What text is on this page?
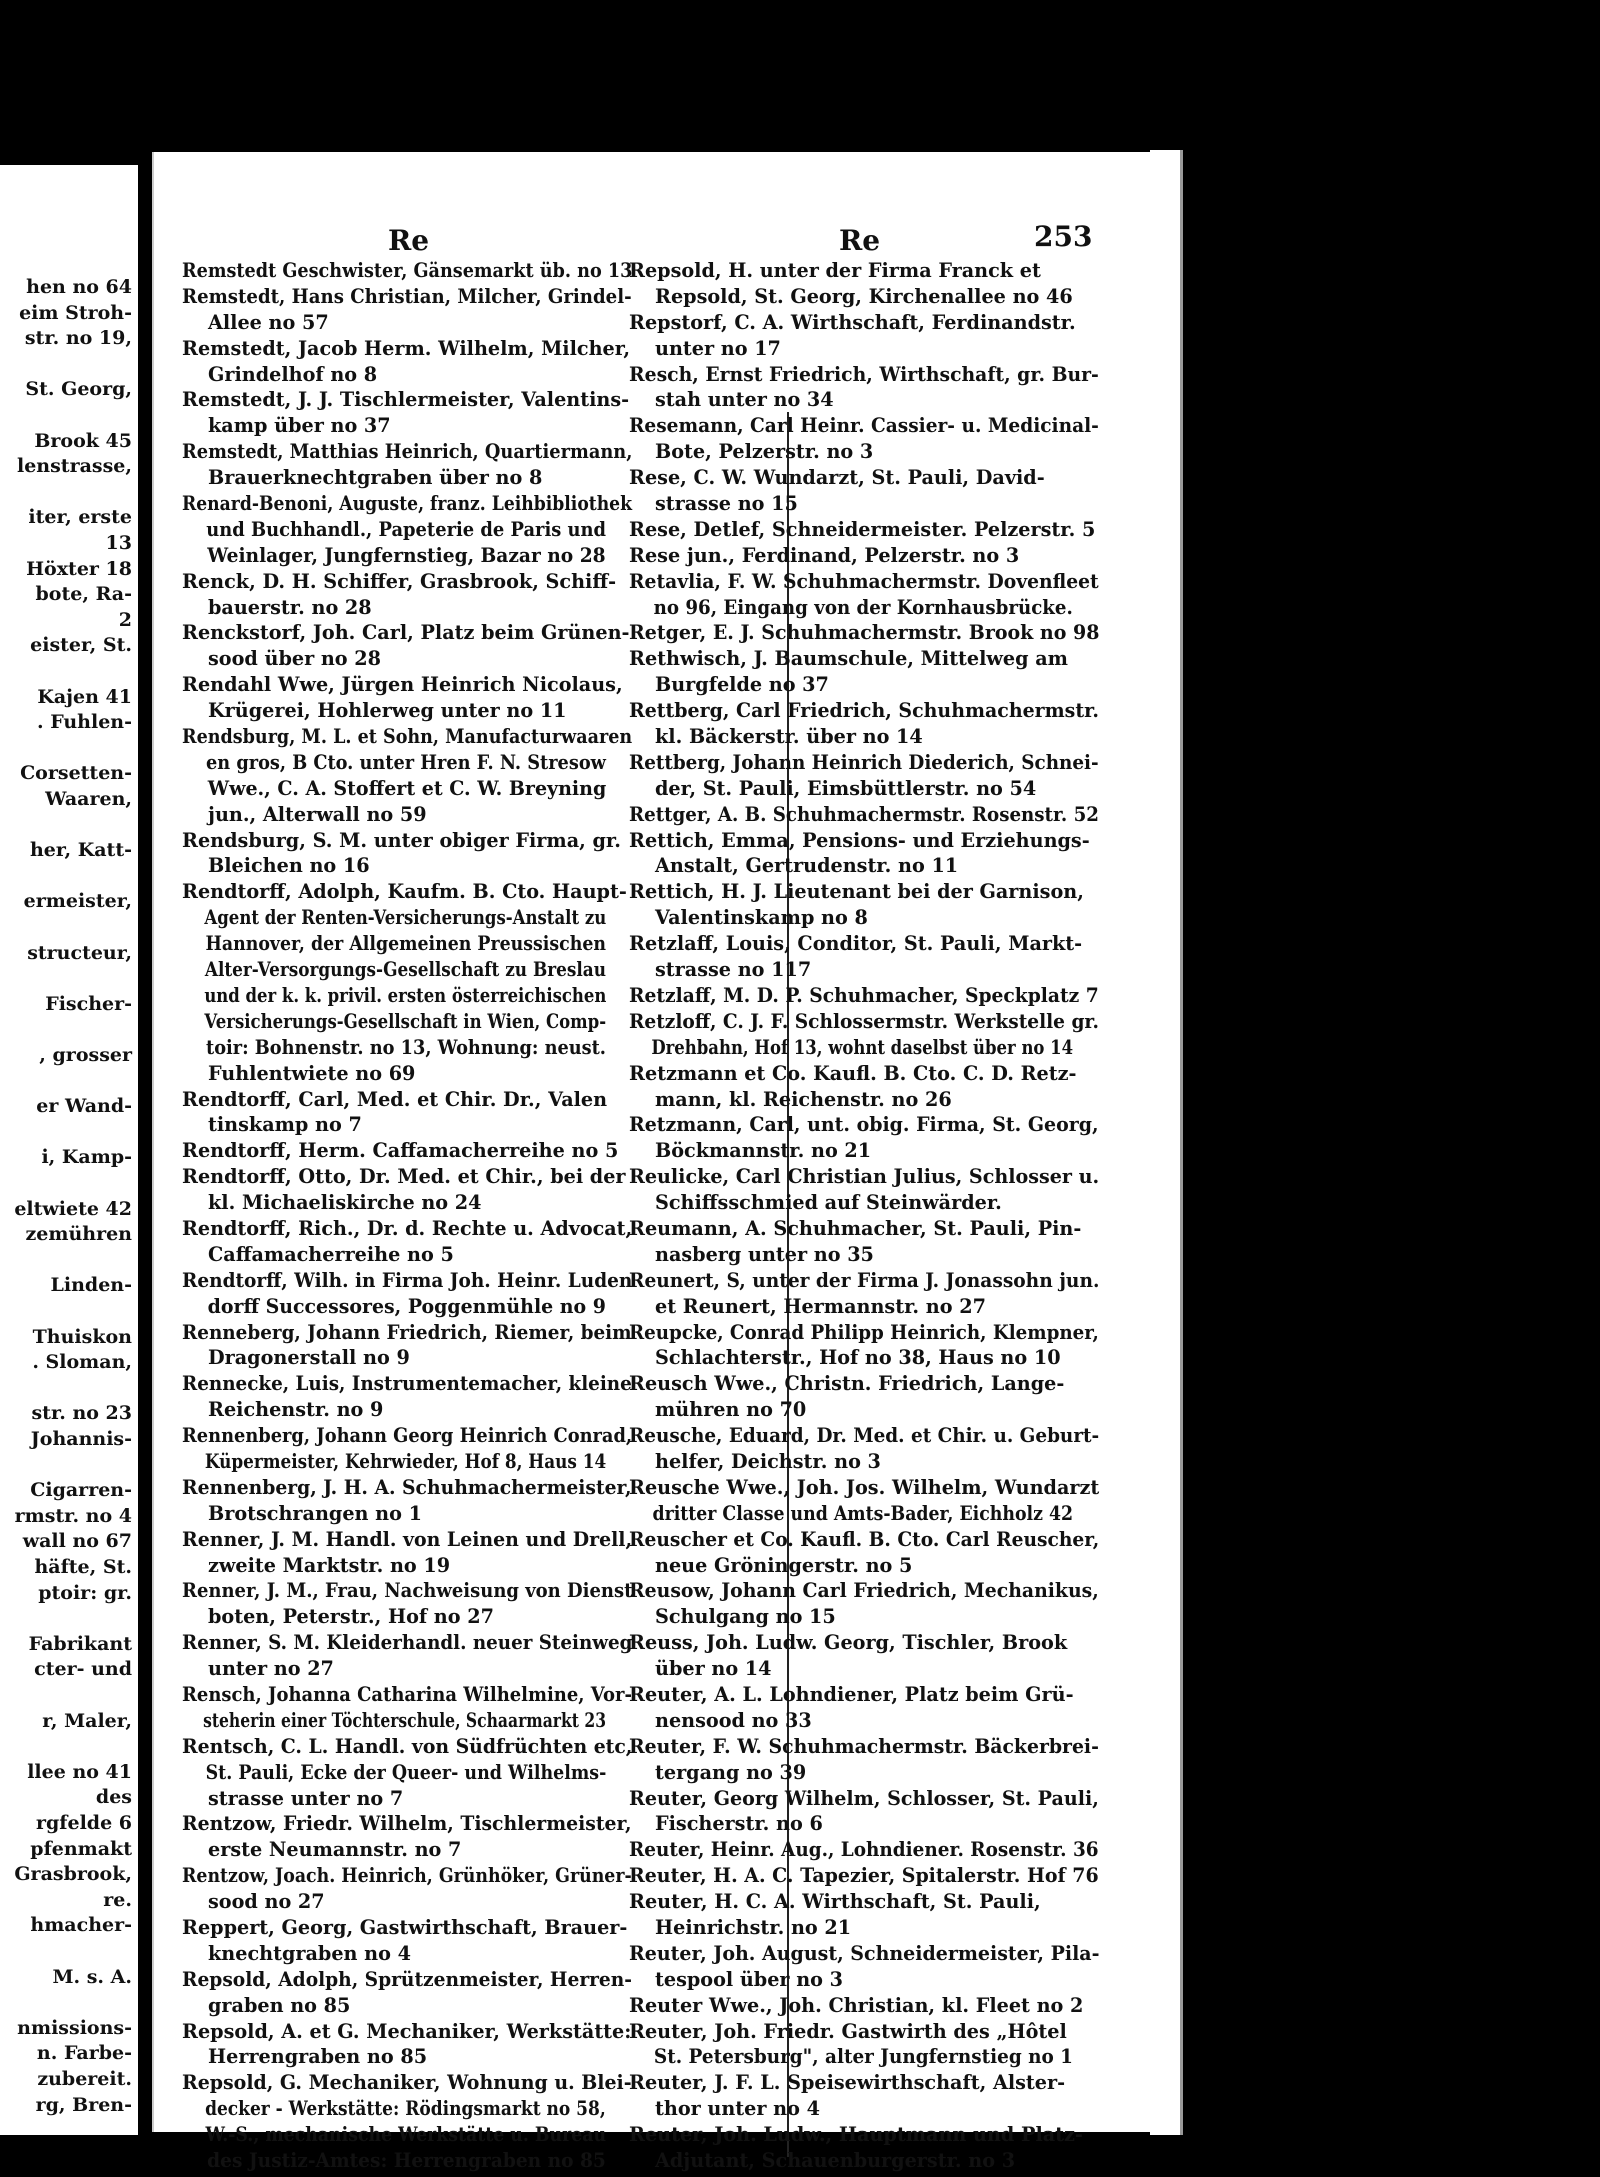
hen no 64
eim Stroh-
str. no 19,
St. Georg,
Brook 45
lenstrasse,
iter, erste
13
Höxter 18
bote, Ra-
2
eister, St.
Kajen 41
. Fuhlen-
Corsetten-
Waaren,
her, Katt-
ermeister,
structeur,
Fischer-
, grosser
er Wand-
i, Kamp-
eltwiete 42
zemühren
Linden-
Thuiskon
. Sloman,
str. no 23
Johannis-
Cigarren-
rmstr. no 4
wall no 67
häfte, St.
ptoir: gr.
Fabrikant
cter- und
r, Maler,
llee no 41
des
rgfelde 6
pfenmakt
Grasbrook,
re.
hmacher-
M. s. A.
nmissions-
n. Farbe-
zubereit.
rg, Bren-
Re	Re	253
Remstedt Geschwister, Gänsemarkt üb. no 13
Remstedt, Hans Christian, Milcher, Grindel-
Allee no 57
Remstedt, Jacob Herm. Wilhelm, Milcher,
Grindelhof no 8
Remstedt, J. J. Tischlermeister, Valentins-
kamp über no 37
Remstedt, Matthias Heinrich, Quartiermann,
Brauerknechtgraben über no 8
Renard-Benoni, Auguste, franz. Leihbibliothek
und Buchhandl., Papeterie de Paris und
Weinlager, Jungfernstieg, Bazar no 28
Renck, D. H. Schiffer, Grasbrook, Schiff-
bauerstr. no 28
Renckstorf, Joh. Carl, Platz beim Grünen-
sood über no 28
Rendahl Wwe, Jürgen Heinrich Nicolaus,
Krügerei, Hohlerweg unter no 11
Rendsburg, M. L. et Sohn, Manufacturwaaren
en gros, B Cto. unter Hren F. N. Stresow
Wwe., C. A. Stoffert et C. W. Breyning
jun., Alterwall no 59
Rendsburg, S. M. unter obiger Firma, gr.
Bleichen no 16
Rendtorff, Adolph, Kaufm. B. Cto. Haupt-
Agent der Renten-Versicherungs-Anstalt zu
Hannover, der Allgemeinen Preussischen
Alter-Versorgungs-Gesellschaft zu Breslau
und der k. k. privil. ersten österreichischen
Versicherungs-Gesellschaft in Wien, Comp-
toir: Bohnenstr. no 13, Wohnung: neust.
Fuhlentwiete no 69
Rendtorff, Carl, Med. et Chir. Dr., Valen
tinskamp no 7
Rendtorff, Herm. Caffamacherreihe no 5
Rendtorff, Otto, Dr. Med. et Chir., bei der
kl. Michaeliskirche no 24
Rendtorff, Rich., Dr. d. Rechte u. Advocat,
Caffamacherreihe no 5
Rendtorff, Wilh. in Firma Joh. Heinr. Luden
dorff Successores, Poggenmühle no 9
Renneberg, Johann Friedrich, Riemer, beim
Dragonerstall no 9
Rennecke, Luis, Instrumentemacher, kleine
Reichenstr. no 9
Rennenberg, Johann Georg Heinrich Conrad,
Küpermeister, Kehrwieder, Hof 8, Haus 14
Rennenberg, J. H. A. Schuhmachermeister,
Brotschrangen no 1
Renner, J. M. Handl. von Leinen und Drell,
zweite Marktstr. no 19
Renner, J. M., Frau, Nachweisung von Dienst
boten, Peterstr., Hof no 27
Renner, S. M. Kleiderhandl. neuer Steinweg
unter no 27
Rensch, Johanna Catharina Wilhelmine, Vor-
steherin einer Töchterschule, Schaarmarkt 23
Rentsch, C. L. Handl. von Südfrüchten etc,
St. Pauli, Ecke der Queer- und Wilhelms-
strasse unter no 7
Rentzow, Friedr. Wilhelm, Tischlermeister,
erste Neumannstr. no 7
Rentzow, Joach. Heinrich, Grünhöker, Grüner-
sood no 27
Reppert, Georg, Gastwirthschaft, Brauer-
knechtgraben no 4
Repsold, Adolph, Sprützenmeister, Herren-
graben no 85
Repsold, A. et G. Mechaniker, Werkstätte:
Herrengraben no 85
Repsold, G. Mechaniker, Wohnung u. Blei-
decker - Werkstätte: Rödingsmarkt no 58,
W.-S., mechanische Werkstätte u. Bureau
des Justiz-Amtes: Herrengraben no 85
Repsold, H. unter der Firma Franck et
Repsold, St. Georg, Kirchenallee no 46
Repstorf, C. A. Wirthschaft, Ferdinandstr.
unter no 17
Resch, Ernst Friedrich, Wirthschaft, gr. Bur-
stah unter no 34
Resemann, Carl Heinr. Cassier- u. Medicinal-
Bote, Pelzerstr. no 3
Rese, C. W. Wundarzt, St. Pauli, David-
strasse no 15
Rese, Detlef, Schneidermeister. Pelzerstr. 5
Rese jun., Ferdinand, Pelzerstr. no 3
Retavlia, F. W. Schuhmachermstr. Dovenfleet
no 96, Eingang von der Kornhausbrücke.
Retger, E. J. Schuhmachermstr. Brook no 98
Rethwisch, J. Baumschule, Mittelweg am
Burgfelde no 37
Rettberg, Carl Friedrich, Schuhmachermstr.
kl. Bäckerstr. über no 14
Rettberg, Johann Heinrich Diederich, Schnei-
der, St. Pauli, Eimsbüttlerstr. no 54
Rettger, A. B. Schuhmachermstr. Rosenstr. 52
Rettich, Emma, Pensions- und Erziehungs-
Anstalt, Gertrudenstr. no 11
Rettich, H. J. Lieutenant bei der Garnison,
Valentinskamp no 8
Retzlaff, Louis, Conditor, St. Pauli, Markt-
strasse no 117
Retzlaff, M. D. P. Schuhmacher, Speckplatz 7
Retzloff, C. J. F. Schlossermstr. Werkstelle gr.
Drehbahn, Hof 13, wohnt daselbst über no 14
Retzmann et Co. Kaufl. B. Cto. C. D. Retz-
mann, kl. Reichenstr. no 26
Retzmann, Carl, unt. obig. Firma, St. Georg,
Böckmannstr. no 21
Reulicke, Carl Christian Julius, Schlosser u.
Schiffsschmied auf Steinwärder.
Reumann, A. Schuhmacher, St. Pauli, Pin-
nasberg unter no 35
Reunert, S, unter der Firma J. Jonassohn jun.
et Reunert, Hermannstr. no 27
Reupcke, Conrad Philipp Heinrich, Klempner,
Schlachterstr., Hof no 38, Haus no 10
Reusch Wwe., Christn. Friedrich, Lange-
mühren no 70
Reusche, Eduard, Dr. Med. et Chir. u. Geburt-
helfer, Deichstr. no 3
Reusche Wwe., Joh. Jos. Wilhelm, Wundarzt
dritter Classe und Amts-Bader, Eichholz 42
Reuscher et Co. Kaufl. B. Cto. Carl Reuscher,
neue Gröningerstr. no 5
Reusow, Johann Carl Friedrich, Mechanikus,
Schulgang no 15
Reuss, Joh. Ludw. Georg, Tischler, Brook
über no 14
Reuter, A. L. Lohndiener, Platz beim Grü-
nensood no 33
Reuter, F. W. Schuhmachermstr. Bäckerbrei-
tergang no 39
Reuter, Georg Wilhelm, Schlosser, St. Pauli,
Fischerstr. no 6
Reuter, Heinr. Aug., Lohndiener. Rosenstr. 36
Reuter, H. A. C. Tapezier, Spitalerstr. Hof 76
Reuter, H. C. A. Wirthschaft, St. Pauli,
Heinrichstr. no 21
Reuter, Joh. August, Schneidermeister, Pila-
tespool über no 3
Reuter Wwe., Joh. Christian, kl. Fleet no 2
Reuter, Joh. Friedr. Gastwirth des „Hôtel
St. Petersburg", alter Jungfernstieg no 1
Reuter, J. F. L. Speisewirthschaft, Alster-
thor unter no 4
Reuter, Joh. Ludw., Hauptmann und Platz-
Adjutant, Schauenburgerstr. no 3
